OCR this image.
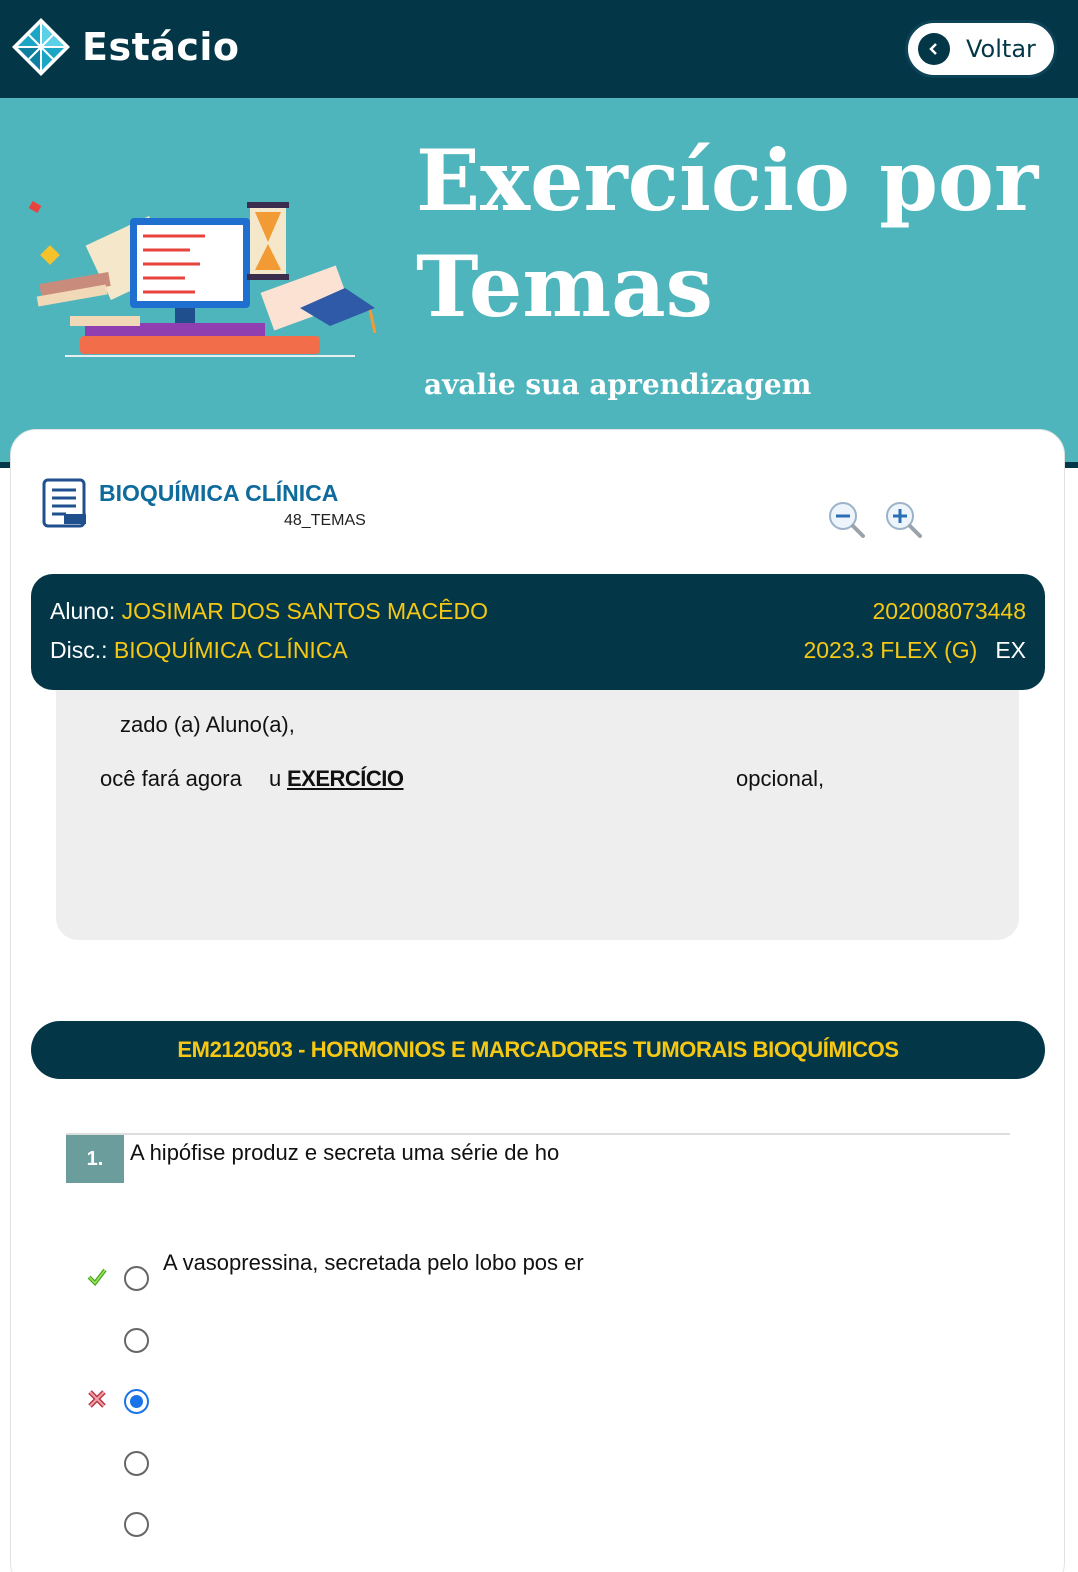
Estácio	Voltar
Exercício por
Temas
avalie sua aprendizagem
BIOQUÍMICA CLÍNICA
48_TEMAS
Aluno: JOSIMAR DOS SANTOS MACÊDO	202008073448
Disc.: BIOQUÍMICA CLÍNICA	2023.3 FLEX (G) EX
zado (a) Aluno(a),
ocê fará agora u EXERCÍCIO	opcional,
EM2120503 - HORMONIOS E MARCADORES TUMORAIS BIOQUÍMICOS
1.	A hipófise produz e secreta uma série de ho
A vasopressina, secretada pelo lobo pos er
